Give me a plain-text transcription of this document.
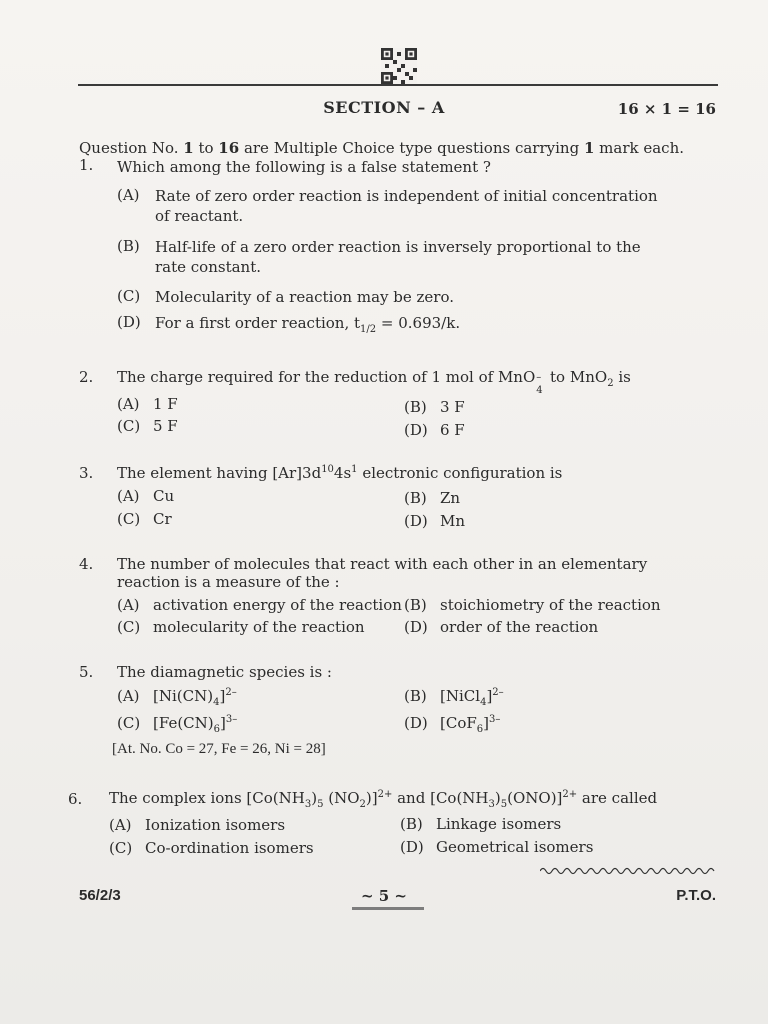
SECTION – A	16 × 1 = 16
Question No. 1 to 16 are Multiple Choice type questions carrying 1 mark each.
1. Which among the following is a false statement ?
(A) Rate of zero order reaction is independent of initial concentration of reactant.
(B) Half-life of a zero order reaction is inversely proportional to the rate constant.
(C) Molecularity of a reaction may be zero.
(D) For a first order reaction, $t_{1/2} = 0.693/k$.
2. The charge required for the reduction of 1 mol of MnO –
4
to MnO$_2$ is
(A) 1 F	(B) 3 F
(C) 5 F	(D) 6 F
3. The element having $[Ar]3d^{10}4s^1$ electronic configuration is
(A) Cu	(B) Zn
(C) Cr	(D) Mn
4. The number of molecules that react with each other in an elementary
reaction is a measure of the :
(A) activation energy of the reaction (B) stoichiometry of the reaction
(C) molecularity of the reaction	(D) order of the reaction
5. The diamagnetic species is :
(A) $[Ni(CN)_4]^{2-}$	(B) [NiCl$_4$]$^{2-}$
(C) $[Fe(CN)_6]^{3-}$	(D) $[CoF_6]^{3-}$
[At. No. Co = 27, Fe = 26, Ni = 28]
6. The complex ions [$Co(NH_3)_5$ $(NO_2)]^{2+}$ and $[Co(NH_3)_5(ONO)]^{2+}$ are called
(A) Ionization isomers	(B) Linkage isomers
(C) Co-ordination isomers	(D) Geometrical isomers
56/2/3	~ 5 ~	P.T.O.
